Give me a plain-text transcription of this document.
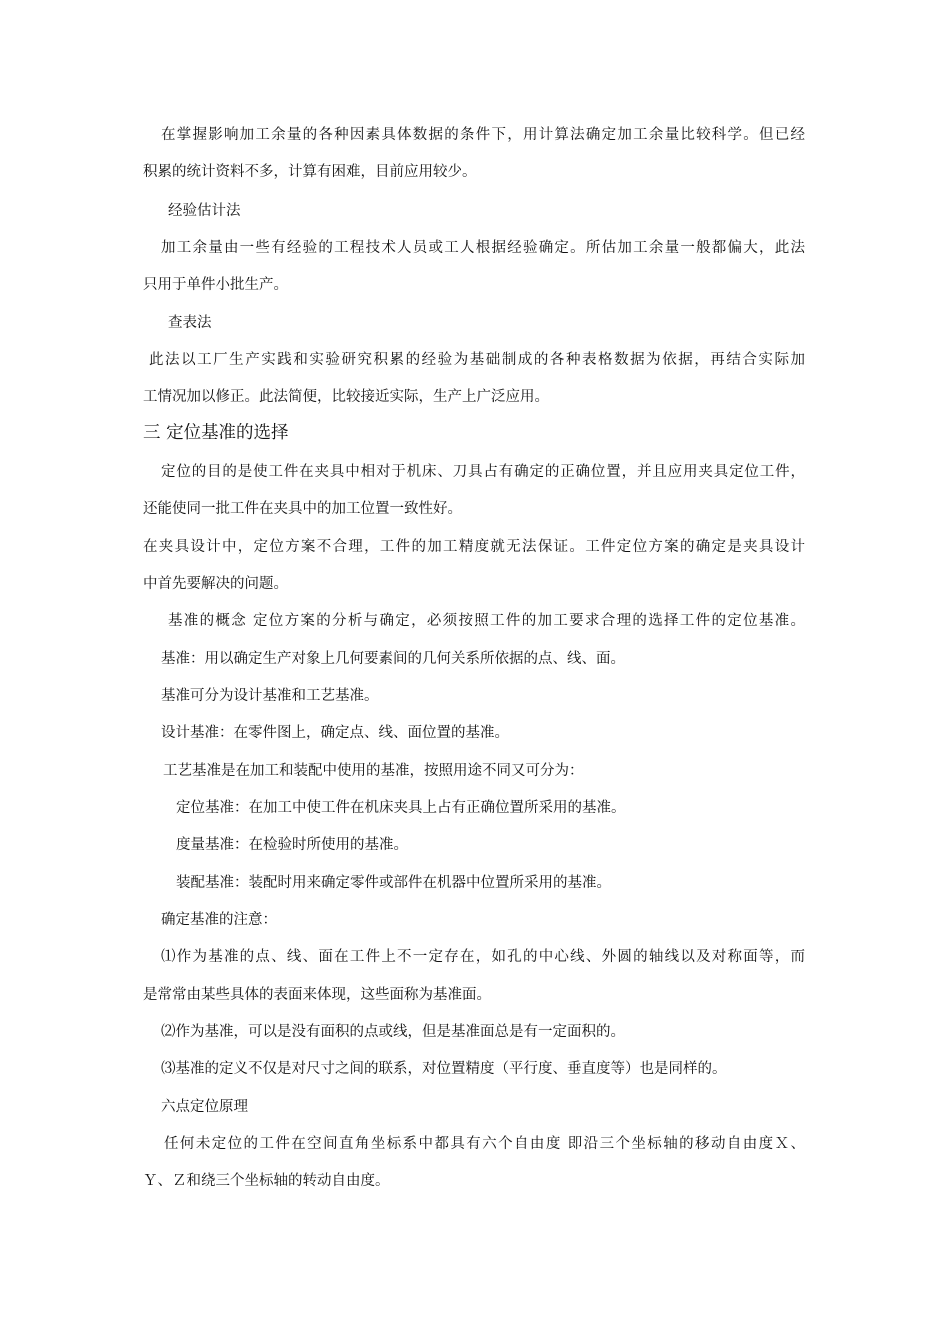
在掌握影响加工余量的各种因素具体数据的条件下，用计算法确定加工余量比较科学。但已经
积累的统计资料不多，计算有困难，目前应用较少。
经验估计法
加工余量由一些有经验的工程技术人员或工人根据经验确定。所估加工余量一般都偏大，此法
只用于单件小批生产。
查表法
此法以工厂生产实践和实验研究积累的经验为基础制成的各种表格数据为依据，再结合实际加
工情况加以修正。此法简便，比较接近实际，生产上广泛应用。
三 定位基准的选择
定位的目的是使工件在夹具中相对于机床、刀具占有确定的正确位置，并且应用夹具定位工件，
还能使同一批工件在夹具中的加工位置一致性好。
在夹具设计中，定位方案不合理，工件的加工精度就无法保证。工件定位方案的确定是夹具设计
中首先要解决的问题。
基准的概念 定位方案的分析与确定，必须按照工件的加工要求合理的选择工件的定位基准。
基准：用以确定生产对象上几何要素间的几何关系所依据的点、线、面。
基准可分为设计基准和工艺基准。
设计基准：在零件图上，确定点、线、面位置的基准。
工艺基准是在加工和装配中使用的基准，按照用途不同又可分为：
定位基准：在加工中使工件在机床夹具上占有正确位置所采用的基准。
度量基准：在检验时所使用的基准。
装配基准：装配时用来确定零件或部件在机器中位置所采用的基准。
确定基准的注意：
⑴作为基准的点、线、面在工件上不一定存在，如孔的中心线、外圆的轴线以及对称面等，而
是常常由某些具体的表面来体现，这些面称为基准面。
⑵作为基准，可以是没有面积的点或线，但是基准面总是有一定面积的。
⑶基准的定义不仅是对尺寸之间的联系，对位置精度（平行度、垂直度等）也是同样的。
六点定位原理
任何未定位的工件在空间直角坐标系中都具有六个自由度 即沿三个坐标轴的移动自由度Ｘ、
Ｙ、Ｚ和绕三个坐标轴的转动自由度。
